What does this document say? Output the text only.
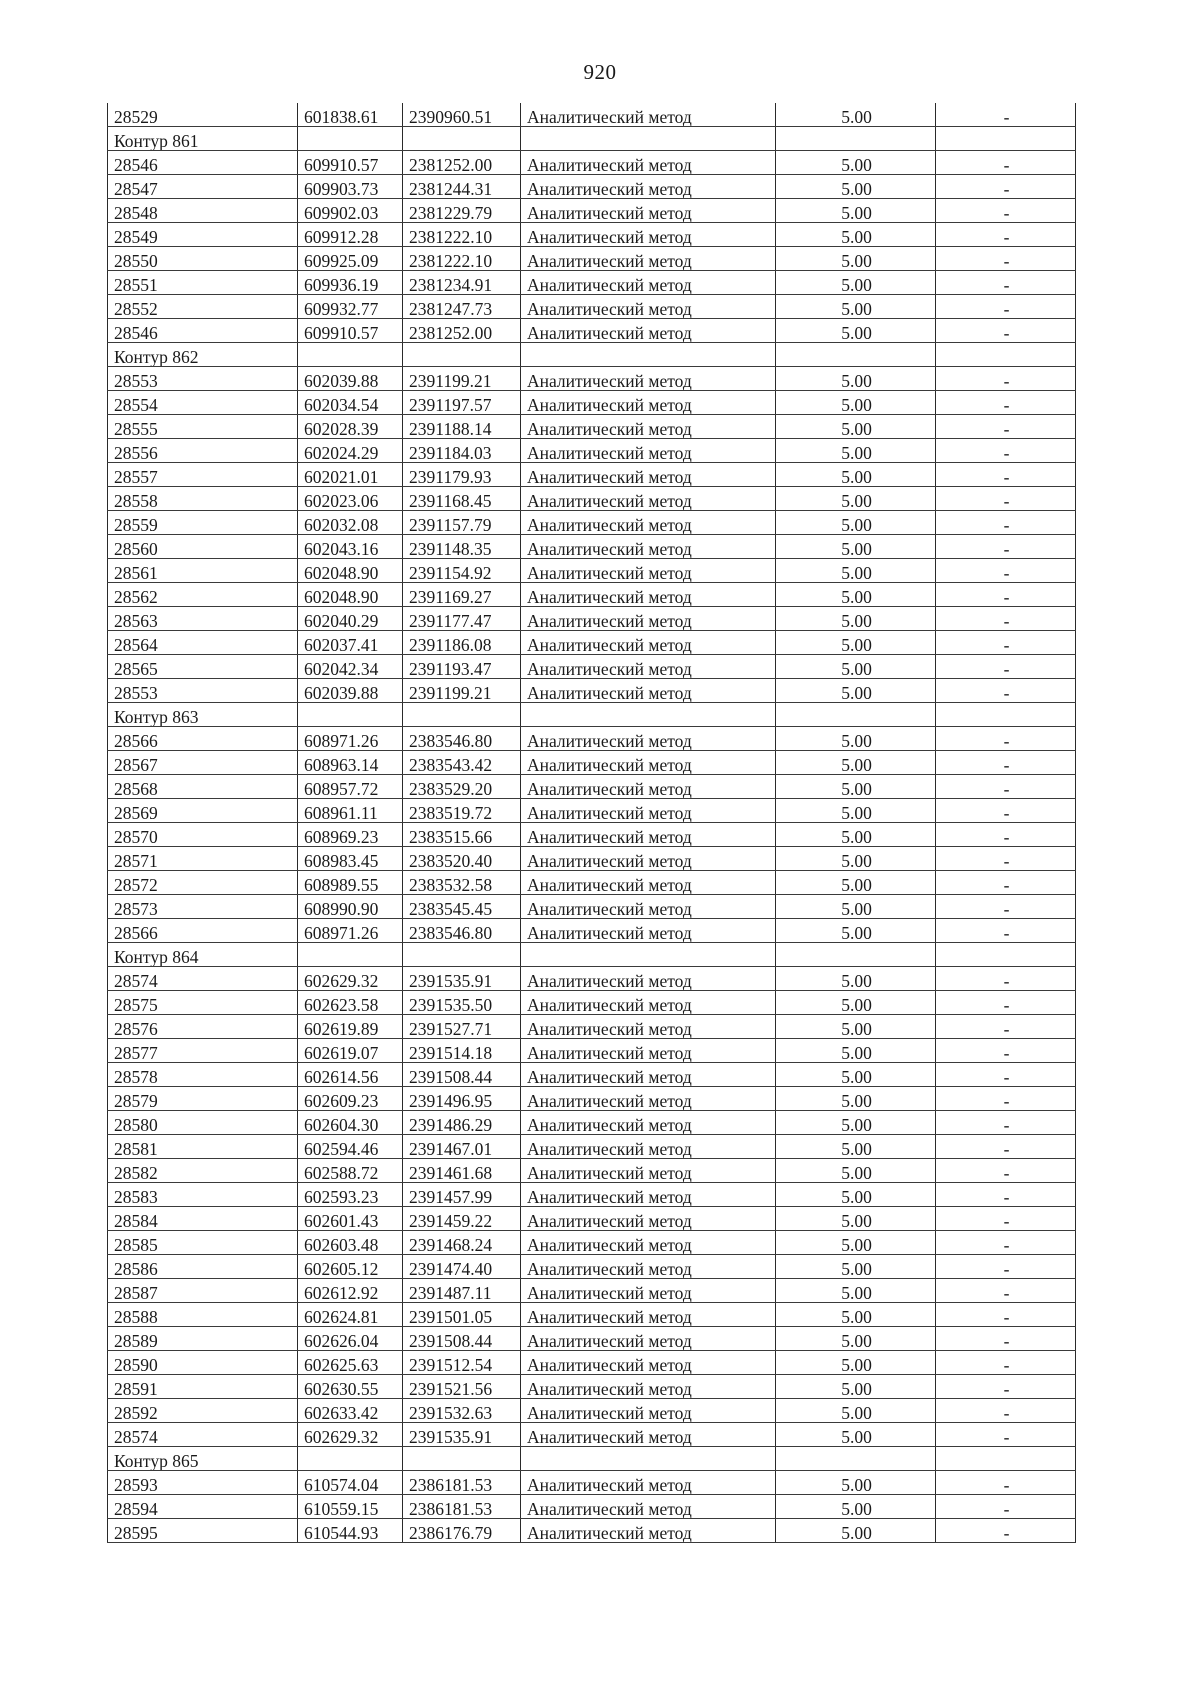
920
28529	601838.61	2390960.51	Аналитический метод	5.00	-
Контур 861					
28546	609910.57	2381252.00	Аналитический метод	5.00	-
28547	609903.73	2381244.31	Аналитический метод	5.00	-
28548	609902.03	2381229.79	Аналитический метод	5.00	-
28549	609912.28	2381222.10	Аналитический метод	5.00	-
28550	609925.09	2381222.10	Аналитический метод	5.00	-
28551	609936.19	2381234.91	Аналитический метод	5.00	-
28552	609932.77	2381247.73	Аналитический метод	5.00	-
28546	609910.57	2381252.00	Аналитический метод	5.00	-
Контур 862					
28553	602039.88	2391199.21	Аналитический метод	5.00	-
28554	602034.54	2391197.57	Аналитический метод	5.00	-
28555	602028.39	2391188.14	Аналитический метод	5.00	-
28556	602024.29	2391184.03	Аналитический метод	5.00	-
28557	602021.01	2391179.93	Аналитический метод	5.00	-
28558	602023.06	2391168.45	Аналитический метод	5.00	-
28559	602032.08	2391157.79	Аналитический метод	5.00	-
28560	602043.16	2391148.35	Аналитический метод	5.00	-
28561	602048.90	2391154.92	Аналитический метод	5.00	-
28562	602048.90	2391169.27	Аналитический метод	5.00	-
28563	602040.29	2391177.47	Аналитический метод	5.00	-
28564	602037.41	2391186.08	Аналитический метод	5.00	-
28565	602042.34	2391193.47	Аналитический метод	5.00	-
28553	602039.88	2391199.21	Аналитический метод	5.00	-
Контур 863					
28566	608971.26	2383546.80	Аналитический метод	5.00	-
28567	608963.14	2383543.42	Аналитический метод	5.00	-
28568	608957.72	2383529.20	Аналитический метод	5.00	-
28569	608961.11	2383519.72	Аналитический метод	5.00	-
28570	608969.23	2383515.66	Аналитический метод	5.00	-
28571	608983.45	2383520.40	Аналитический метод	5.00	-
28572	608989.55	2383532.58	Аналитический метод	5.00	-
28573	608990.90	2383545.45	Аналитический метод	5.00	-
28566	608971.26	2383546.80	Аналитический метод	5.00	-
Контур 864					
28574	602629.32	2391535.91	Аналитический метод	5.00	-
28575	602623.58	2391535.50	Аналитический метод	5.00	-
28576	602619.89	2391527.71	Аналитический метод	5.00	-
28577	602619.07	2391514.18	Аналитический метод	5.00	-
28578	602614.56	2391508.44	Аналитический метод	5.00	-
28579	602609.23	2391496.95	Аналитический метод	5.00	-
28580	602604.30	2391486.29	Аналитический метод	5.00	-
28581	602594.46	2391467.01	Аналитический метод	5.00	-
28582	602588.72	2391461.68	Аналитический метод	5.00	-
28583	602593.23	2391457.99	Аналитический метод	5.00	-
28584	602601.43	2391459.22	Аналитический метод	5.00	-
28585	602603.48	2391468.24	Аналитический метод	5.00	-
28586	602605.12	2391474.40	Аналитический метод	5.00	-
28587	602612.92	2391487.11	Аналитический метод	5.00	-
28588	602624.81	2391501.05	Аналитический метод	5.00	-
28589	602626.04	2391508.44	Аналитический метод	5.00	-
28590	602625.63	2391512.54	Аналитический метод	5.00	-
28591	602630.55	2391521.56	Аналитический метод	5.00	-
28592	602633.42	2391532.63	Аналитический метод	5.00	-
28574	602629.32	2391535.91	Аналитический метод	5.00	-
Контур 865					
28593	610574.04	2386181.53	Аналитический метод	5.00	-
28594	610559.15	2386181.53	Аналитический метод	5.00	-
28595	610544.93	2386176.79	Аналитический метод	5.00	-
